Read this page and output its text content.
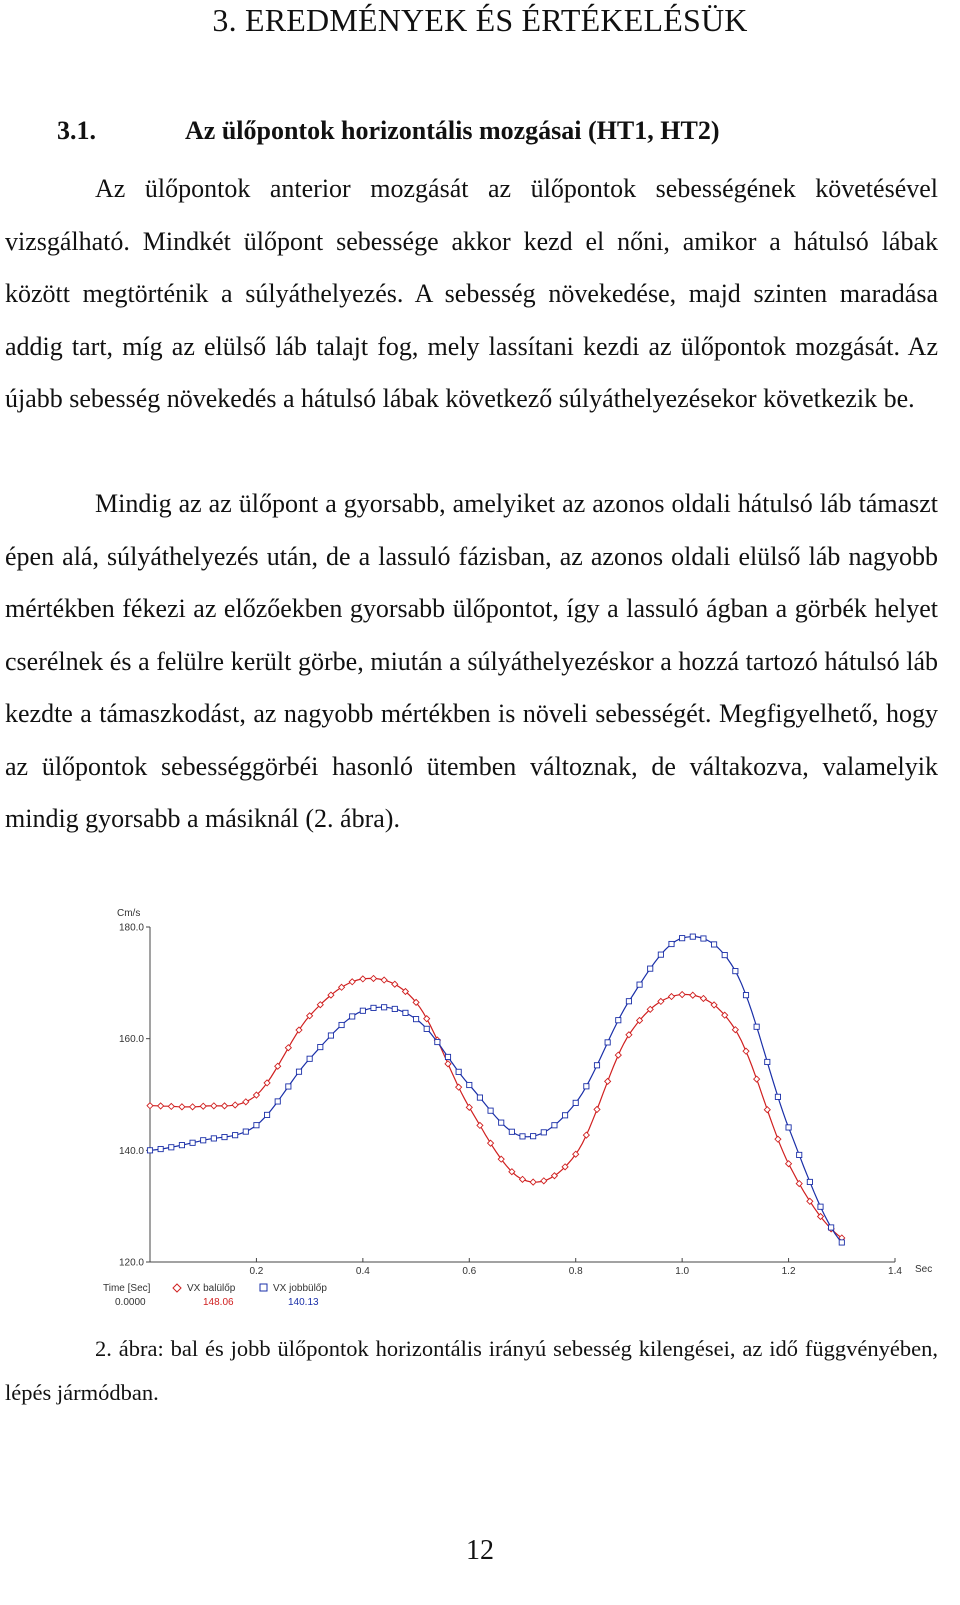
3. EREDMÉNYEK ÉS ÉRTÉKELÉSÜK
3.1.	Az ülőpontok horizontális mozgásai (HT1, HT2)

Az ülőpontok anterior mozgását az ülőpontok sebességének követésével vizsgálható. Mindkét ülőpont sebessége akkor kezd el nőni, amikor a hátulsó lábak között megtörténik a súlyáthelyezés. A sebesség növekedése, majd szinten maradása addig tart, míg az elülső láb talajt fog, mely lassítani kezdi az ülőpontok mozgását. Az újabb sebesség növekedés a hátulsó lábak következő súlyáthelyezésekor következik be.

Mindig az az ülőpont a gyorsabb, amelyiket az azonos oldali hátulsó láb támaszt épen alá, súlyáthelyezés után, de a lassuló fázisban, az azonos oldali elülső láb nagyobb mértékben fékezi az előzőekben gyorsabb ülőpontot, így a lassuló ágban a görbék helyet cserélnek és a felülre került görbe, miután a súlyáthelyezéskor a hozzá tartozó hátulsó láb kezdte a támaszkodást, az nagyobb mértékben is növeli sebességét. Megfigyelhető, hogy az ülőpontok sebességgörbéi hasonló ütemben változnak, de váltakozva, valamelyik mindig gyorsabb a másiknál (2. ábra).

Cm/s
Sec
120.0
140.0
160.0
180.0
0.2	0.4	0.6	0.8	1.0	1.2	1.4
Time [Sec]
0.0000
VX balülőp
148.06
VX jobbülőp
140.13

2. ábra: bal és jobb ülőpontok horizontális irányú sebesség kilengései, az idő függvényében, lépés jármódban.

12
